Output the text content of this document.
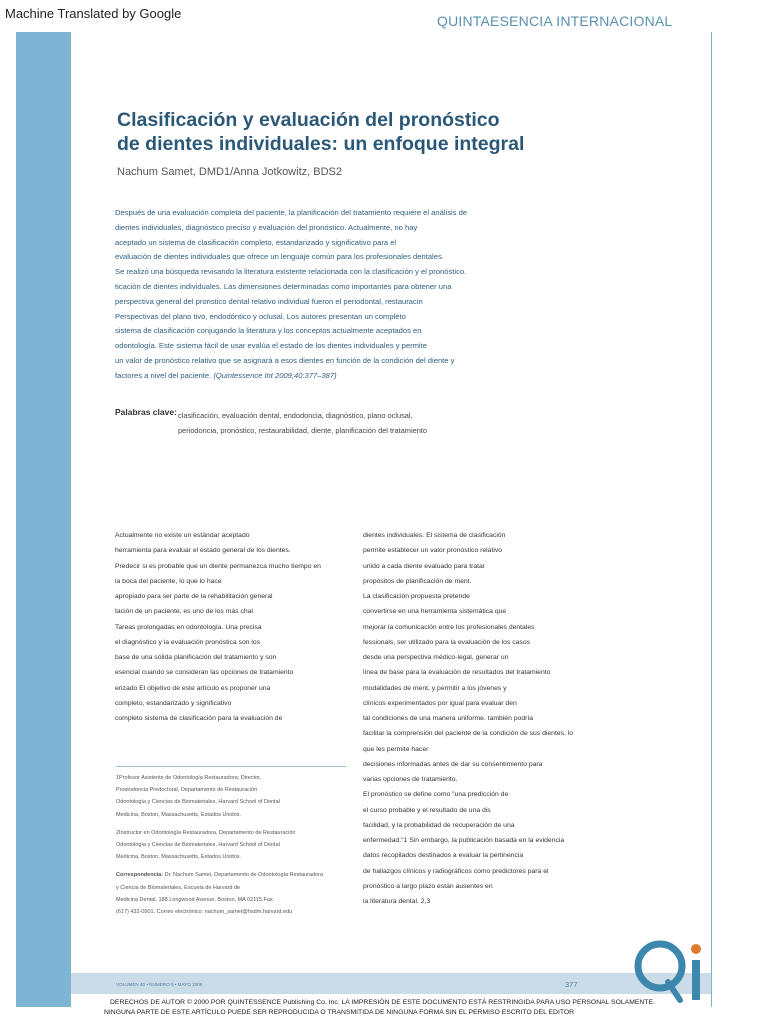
Machine Translated by Google	QUINTAESENCIA INTERNACIONAL
Clasificación y evaluación del pronóstico
de dientes individuales: un enfoque integral
Nachum Samet, DMD1/Anna Jotkowitz, BDS2
Después de una evaluación completa del paciente, la planificación del tratamiento requiere el análisis de
dientes individuales, diagnóstico preciso y evaluación del pronóstico. Actualmente, no hay
aceptado un sistema de clasificación completo, estandarizado y significativo para el
evaluación de dientes individuales que ofrece un lenguaje común para los profesionales dentales.
Se realizó una búsqueda revisando la literatura existente relacionada con la clasificación y el pronóstico.
ticación de dientes individuales. Las dimensiones determinadas como importantes para obtener una
perspectiva general del pronstico dental relativo individual fueron el periodontal, restauracin
Perspectivas del plano tivo, endodóntico y oclusal. Los autores presentan un completo
sistema de clasificación conjugando la literatura y los conceptos actualmente aceptados en
odontología. Este sistema fácil de usar evalúa el estado de los dientes individuales y permite
un valor de pronóstico relativo que se asignará a esos dientes en función de la condición del diente y
factores a nivel del paciente. (Quintessence Int 2009;40:377–387)
Palabras clave: clasificación, evaluación dental, endodoncia, diagnóstico, plano oclusal,
periodoncia, pronóstico, restaurabilidad, diente, planificación del tratamiento
Actualmente no existe un estándar aceptado
herramienta para evaluar el estado general de los dientes.
Predecir si es probable que un diente permanezca mucho tiempo en
la boca del paciente, lo que lo hace
apropiado para ser parte de la rehabilitación general
tación de un paciente, es uno de los más chal
Tareas prolongadas en odontología. Una precisa
el diagnóstico y la evaluación pronóstica son los
base de una sólida planificación del tratamiento y son
esencial cuando se consideran las opciones de tratamiento
erizado El objetivo de este artículo es proponer una
completo, estandarizado y significativo
completo sistema de clasificación para la evaluación de
dientes individuales. El sistema de clasificación
permite establecer un valor pronóstico relativo
unido a cada diente evaluado para tratar
propósitos de planificación de ment.
La clasificación propuesta pretende
convertirse en una herramienta sistemática que
mejorar la comunicación entre los profesionales dentales
fessionals, ser utilizado para la evaluación de los casos
desde una perspectiva médico-legal, generar un
línea de base para la evaluación de resultados del tratamiento
modalidades de ment, y permitir a los jóvenes y
clínicos experimentados por igual para evaluar den
tal condiciones de una manera uniforme. también podría
facilitar la comprensión del paciente de la condición de sus dientes, lo
que les permite hacer
decisiones informadas antes de dar su consentimiento para
varias opciones de tratamiento.
El pronóstico se define como "una predicción de
el curso probable y el resultado de una dis
facilidad, y la probabilidad de recuperación de una
enfermedad."1 Sin embargo, la publicación basada en la evidencia
datos recopilados destinados a evaluar la pertinencia
de hallazgos clínicos y radiográficos como predictores para el
pronóstico a largo plazo están ausentes en
la literatura dental. 2,3
1Profesor Asistente de Odontología Restauradora; Director,
Prostodoncia Predoctoral, Departamento de Restauración
Odontología y Ciencias de Biomateriales, Harvard School of Dental
Medicina, Boston, Massachusetts, Estados Unidos.
2Instructor en Odontología Restauradora, Departamento de Restauración
Odontología y Ciencias de Biomateriales, Harvard School of Dental
Medicina, Boston, Massachusetts, Estados Unidos.
Correspondencia: Dr. Nachum Samet, Departamento de Odontología Restauradora
y Ciencia de Biomateriales, Escuela de Harvard de
Medicina Dental, 188 Longwood Avenue, Boston, MA 02115.Fax:
(617) 432-0901. Correo electrónico: nachum_samet@hsdm.harvard.edu
VOLUMEN 40 • NÚMERO 5 • MAYO 2009	377
QI
DERECHOS DE AUTOR © 2000 POR QUINTESSENCE Publishing Co. Inc. LA IMPRESIÓN DE ESTE DOCUMENTO ESTÁ RESTRINGIDA PARA USO PERSONAL SOLAMENTE.
NINGUNA PARTE DE ESTE ARTÍCULO PUEDE SER REPRODUCIDA O TRANSMITIDA DE NINGUNA FORMA SIN EL PERMISO ESCRITO DEL EDITOR
